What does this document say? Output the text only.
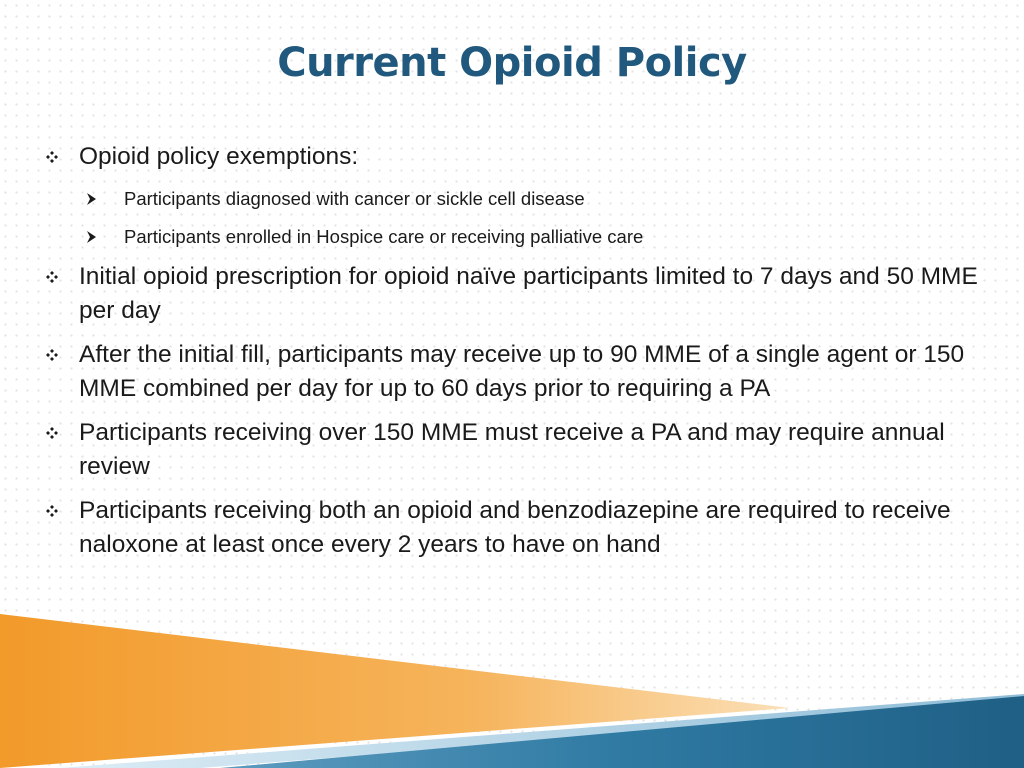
Current Opioid Policy
Opioid policy exemptions:
Participants diagnosed with cancer or sickle cell disease
Participants enrolled in Hospice care or receiving palliative care
Initial opioid prescription for opioid naïve participants limited to 7 days and 50 MME per day
After the initial fill, participants may receive up to 90 MME of a single agent or 150 MME combined per day for up to 60 days prior to requiring a PA
Participants receiving over 150 MME must receive a PA and may require annual review
Participants receiving both an opioid and benzodiazepine are required to receive naloxone at least once every 2 years to have on hand
